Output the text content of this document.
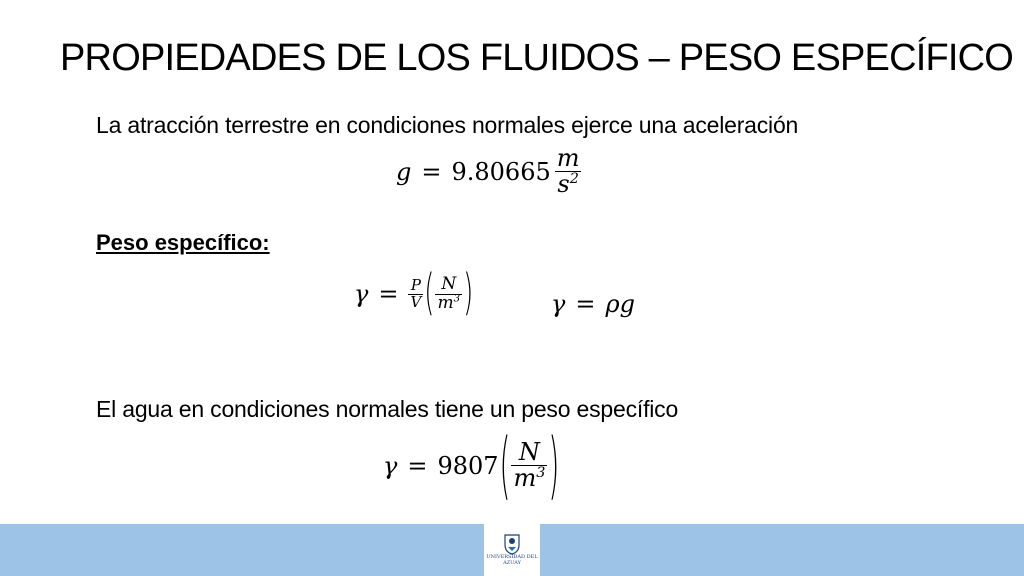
PROPIEDADES DE LOS FLUIDOS – PESO ESPECÍFICO
La atracción terrestre en condiciones normales ejerce una aceleración
$g = 9.80665 \frac{m}{s^2}$
Peso específico:
$\gamma = \frac{P}{V}$ ( $\frac{N}{m^3}$ )	γ = ρg
El agua en condiciones normales tiene un peso específico
γ = 9807 ( $\frac{N}{m^3}$ )
UNIVERSIDAD DEL
AZUAY
